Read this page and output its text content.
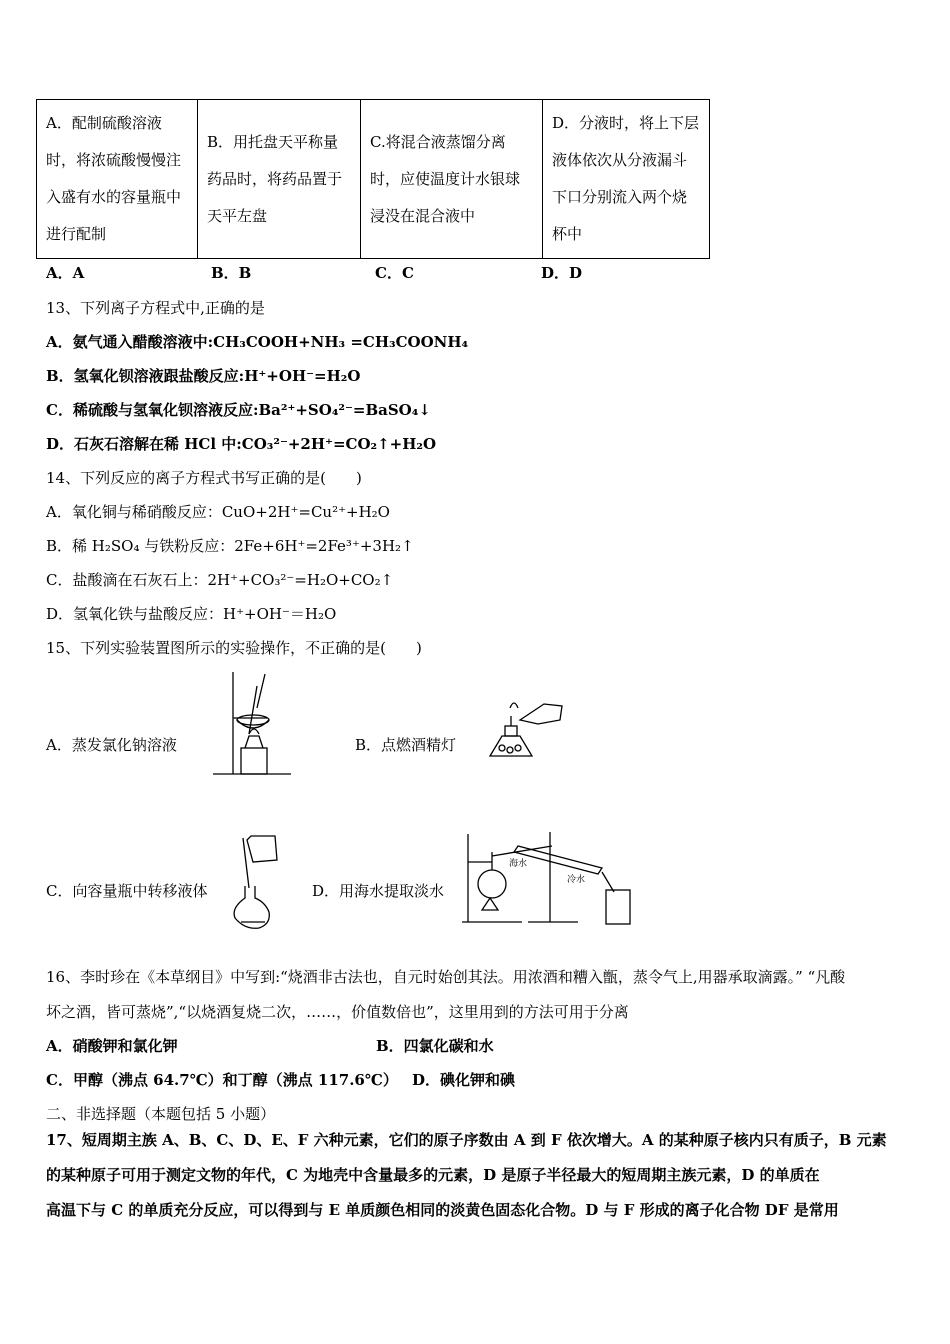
A．配制硫酸溶液时，将浓硫酸慢慢注入盛有水的容量瓶中进行配制	B．用托盘天平称量药品时，将药品置于天平左盘	C.将混合液蒸馏分离时，应使温度计水银球浸没在混合液中	D．分液时，将上下层液体依次从分液漏斗下口分别流入两个烧杯中
A．A	B．B	C．C	D．D
13、下列离子方程式中,正确的是
A．氨气通入醋酸溶液中:CH₃COOH+NH₃ =CH₃COONH₄
B．氢氧化钡溶液跟盐酸反应:H⁺+OH⁻=H₂O
C．稀硫酸与氢氧化钡溶液反应:Ba²⁺+SO₄²⁻=BaSO₄↓
D．石灰石溶解在稀 HCl 中:CO₃²⁻+2H⁺=CO₂↑+H₂O
14、下列反应的离子方程式书写正确的是(　　)
A．氧化铜与稀硝酸反应：CuO+2H⁺=Cu²⁺+H₂O
B．稀 H₂SO₄ 与铁粉反应：2Fe+6H⁺=2Fe³⁺+3H₂↑
C．盐酸滴在石灰石上：2H⁺+CO₃²⁻=H₂O+CO₂↑
D．氢氧化铁与盐酸反应：H⁺+OH⁻＝H₂O
15、下列实验装置图所示的实验操作，不正确的是(　　)
A．蒸发氯化钠溶液	B．点燃酒精灯
C．向容量瓶中转移液体	D．用海水提取淡水
海水
冷水
16、李时珍在《本草纲目》中写到:“烧酒非古法也，自元时始创其法。用浓酒和糟入甑，蒸令气上,用器承取滴露。” “凡酸
坏之酒，皆可蒸烧”,“以烧酒复烧二次，……，价值数倍也”，这里用到的方法可用于分离
A．硝酸钾和氯化钾	B．四氯化碳和水
C．甲醇（沸点 64.7℃）和丁醇（沸点 117.6℃） D．碘化钾和碘
二、非选择题（本题包括 5 小题）
17、短周期主族 A、B、C、D、E、F 六种元素，它们的原子序数由 A 到 F 依次增大。A 的某种原子核内只有质子，B 元素
的某种原子可用于测定文物的年代，C 为地壳中含量最多的元素，D 是原子半径最大的短周期主族元素，D 的单质在
高温下与 C 的单质充分反应，可以得到与 E 单质颜色相同的淡黄色固态化合物。D 与 F 形成的离子化合物 DF 是常用
